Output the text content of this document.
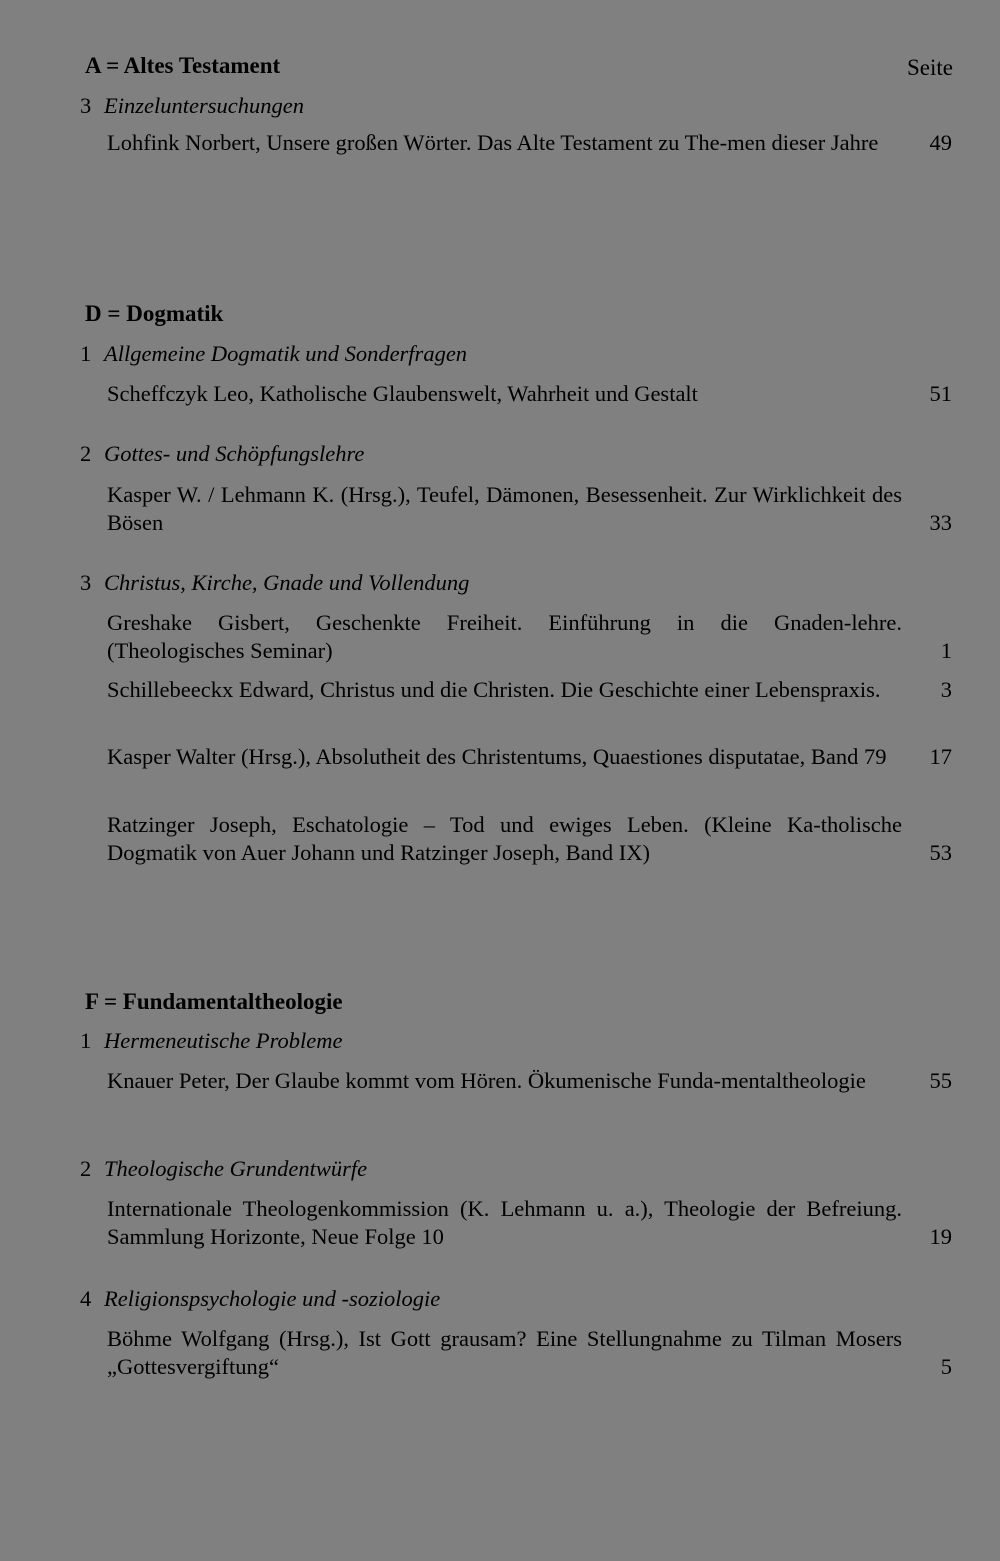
A = Altes Testament	Seite
3 Einzeluntersuchungen
Lohfink Norbert, Unsere großen Wörter. Das Alte Testament zu The-men dieser Jahre	49
D = Dogmatik
1 Allgemeine Dogmatik und Sonderfragen
Scheffczyk Leo, Katholische Glaubenswelt, Wahrheit und Gestalt	51
2 Gottes- und Schöpfungslehre
Kasper W. / Lehmann K. (Hrsg.), Teufel, Dämonen, Besessenheit. Zur Wirklichkeit des Bösen	33
3 Christus, Kirche, Gnade und Vollendung
Greshake Gisbert, Geschenkte Freiheit. Einführung in die Gnaden-lehre. (Theologisches Seminar)	1
Schillebeeckx Edward, Christus und die Christen. Die Geschichte einer Lebenspraxis.	3
Kasper Walter (Hrsg.), Absolutheit des Christentums, Quaestiones disputatae, Band 79	17
Ratzinger Joseph, Eschatologie – Tod und ewiges Leben. (Kleine Ka-tholische Dogmatik von Auer Johann und Ratzinger Joseph, Band IX)	53
F = Fundamentaltheologie
1 Hermeneutische Probleme
Knauer Peter, Der Glaube kommt vom Hören. Ökumenische Funda-mentaltheologie	55
2 Theologische Grundentwürfe
Internationale Theologenkommission (K. Lehmann u. a.), Theologie der Befreiung. Sammlung Horizonte, Neue Folge 10	19
4 Religionspsychologie und -soziologie
Böhme Wolfgang (Hrsg.), Ist Gott grausam? Eine Stellungnahme zu Tilman Mosers „Gottesvergiftung“	5
